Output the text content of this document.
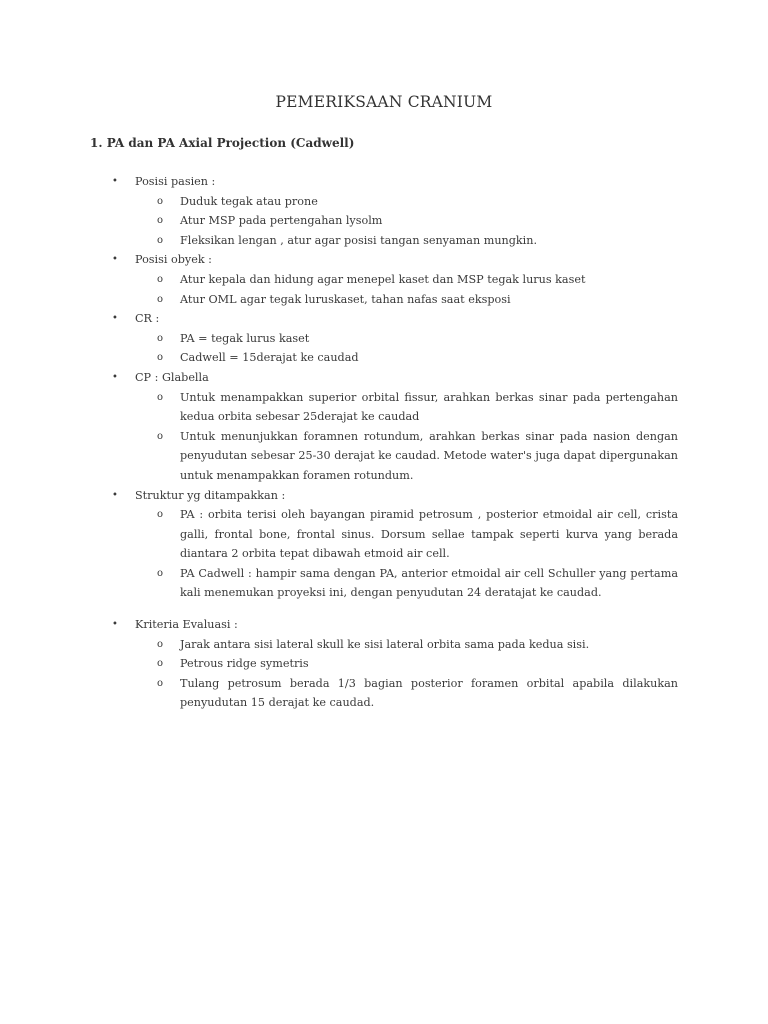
PEMERIKSAAN CRANIUM
1. PA dan PA Axial Projection (Cadwell)
• Posisi pasien :
o Duduk tegak atau prone
o Atur MSP pada pertengahan lysolm
o Fleksikan lengan , atur agar posisi tangan senyaman mungkin.
• Posisi obyek :
o Atur kepala dan hidung agar menepel kaset dan MSP tegak lurus kaset
o Atur OML agar tegak luruskaset, tahan nafas saat eksposi
• CR :
o PA = tegak lurus kaset
o Cadwell = 15derajat ke caudad
• CP : Glabella
o Untuk menampakkan superior orbital fissur, arahkan berkas sinar pada pertengahan kedua orbita sebesar 25derajat ke caudad
o Untuk menunjukkan foramnen rotundum, arahkan berkas sinar pada nasion dengan penyudutan sebesar 25-30 derajat ke caudad. Metode water's juga dapat dipergunakan untuk menampakkan foramen rotundum.
• Struktur yg ditampakkan :
o PA : orbita terisi oleh bayangan piramid petrosum , posterior etmoidal air cell, crista galli, frontal bone, frontal sinus. Dorsum sellae tampak seperti kurva yang berada diantara 2 orbita tepat dibawah etmoid air cell.
o PA Cadwell : hampir sama dengan PA, anterior etmoidal air cell Schuller yang pertama kali menemukan proyeksi ini, dengan penyudutan 24 deratajat ke caudad.
• Kriteria Evaluasi :
o Jarak antara sisi lateral skull ke sisi lateral orbita sama pada kedua sisi.
o Petrous ridge symetris
o Tulang petrosum berada 1/3 bagian posterior foramen orbital apabila dilakukan penyudutan 15 derajat ke caudad.
